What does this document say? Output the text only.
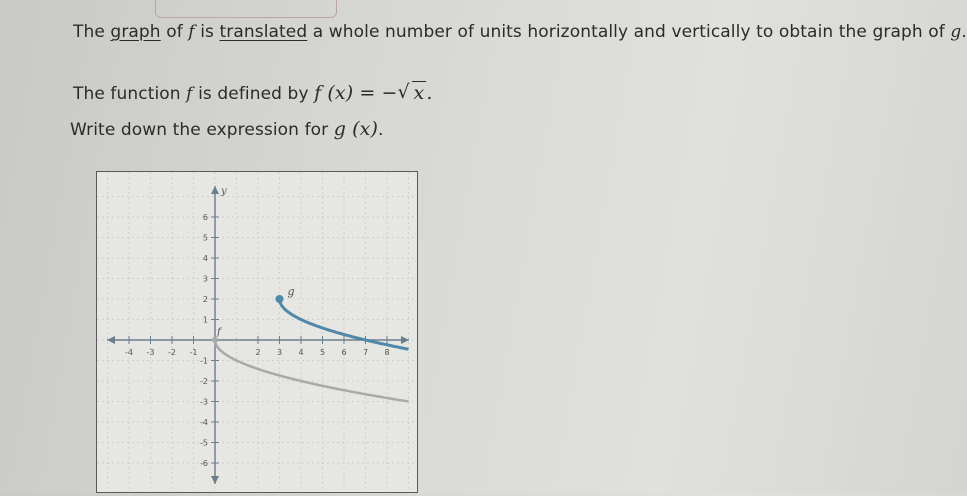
The graph of f is translated a whole number of units horizontally and vertically to obtain the graph of g.
The function f is defined by f (x) = −√ x .
Write down the expression for g (x).
-4 -3 -2 -1	2 3 4 5 6 7 8
-6
-5
-4
-3
-2
-1
1
2
3
4
5
6
y
f
g
